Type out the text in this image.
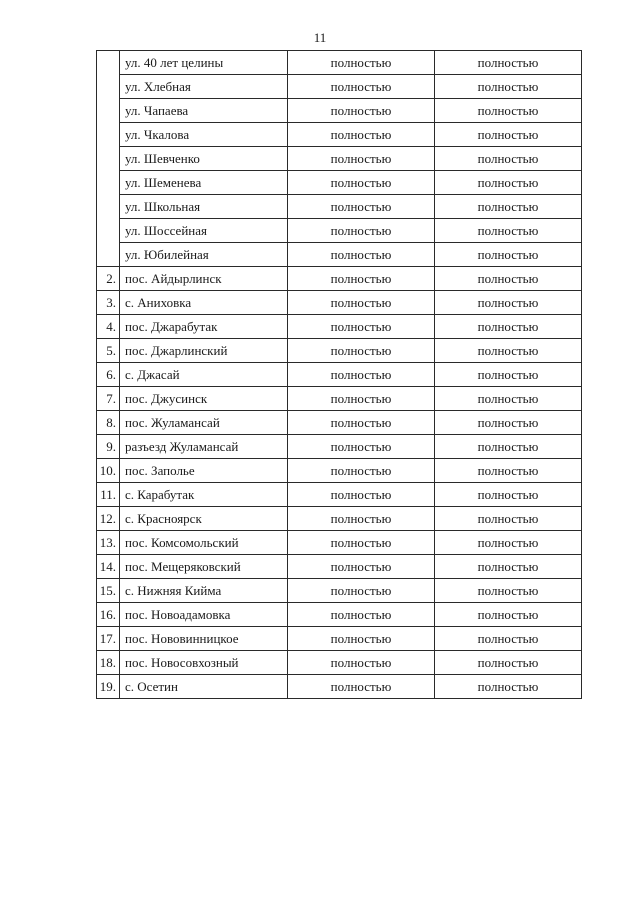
11
	ул. 40 лет целины	полностью	полностью
	ул. Хлебная	полностью	полностью
	ул. Чапаева	полностью	полностью
	ул. Чкалова	полностью	полностью
	ул. Шевченко	полностью	полностью
	ул. Шеменева	полностью	полностью
	ул. Школьная	полностью	полностью
	ул. Шоссейная	полностью	полностью
	ул. Юбилейная	полностью	полностью
2.	пос. Айдырлинск	полностью	полностью
3.	с. Аниховка	полностью	полностью
4.	пос. Джарабутак	полностью	полностью
5.	пос. Джарлинский	полностью	полностью
6.	с. Джасай	полностью	полностью
7.	пос. Джусинск	полностью	полностью
8.	пос. Жуламансай	полностью	полностью
9.	разъезд Жуламансай	полностью	полностью
10.	пос. Заполье	полностью	полностью
11.	с. Карабутак	полностью	полностью
12.	с. Красноярск	полностью	полностью
13.	пос. Комсомольский	полностью	полностью
14.	пос. Мещеряковский	полностью	полностью
15.	с. Нижняя Кийма	полностью	полностью
16.	пос. Новоадамовка	полностью	полностью
17.	пос. Нововинницкое	полностью	полностью
18.	пос. Новосовхозный	полностью	полностью
19.	с. Осетин	полностью	полностью
